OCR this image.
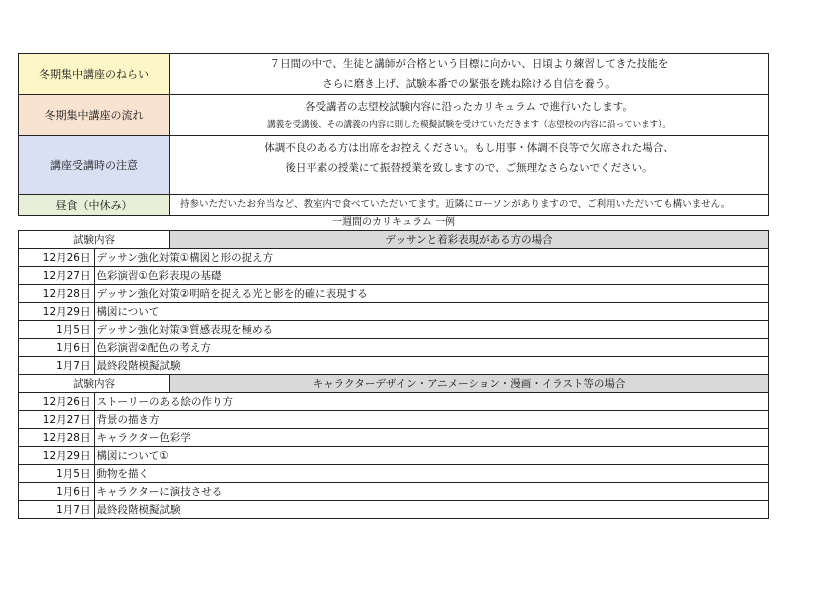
冬期集中講座のねらい	７日間の中で、生徒と講師が合格という目標に向かい、日頃より練習してきた技能を
さらに磨き上げ、試験本番での緊張を跳ね除ける自信を養う。

冬期集中講座の流れ	各受講者の志望校試験内容に沿ったカリキュラム で進行いたします。
講義を受講後、その講義の内容に則した模擬試験を受けていただきます（志望校の内容に沿っています）。

講座受講時の注意	体調不良のある方は出席をお控えください。もし用事・体調不良等で欠席された場合、
後日平素の授業にて振替授業を致しますので、ご無理なさらないでください。

昼食（中休み）	持参いただいたお弁当など、教室内で食べていただいてます。近隣にローソンがありますので、ご利用いただいても構いません。
一週間のカリキュラム 一例
試験内容		デッサンと着彩表現がある方の場合
12月26日	デッサン強化対策①構図と形の捉え方	
12月27日	色彩演習①色彩表現の基礎	
12月28日	デッサン強化対策②明暗を捉える光と影を的確に表現する	
12月29日	構図について	
1月5日	デッサン強化対策③質感表現を極める	
1月6日	色彩演習②配色の考え方	
1月7日	最終段階模擬試験	
試験内容		キャラクターデザイン・アニメーション・漫画・イラスト等の場合
12月26日	ストーリーのある絵の作り方	
12月27日	背景の描き方	
12月28日	キャラクター色彩学	
12月29日	構図について①	
1月5日	動物を描く	
1月6日	キャラクターに演技させる	
1月7日	最終段階模擬試験	
